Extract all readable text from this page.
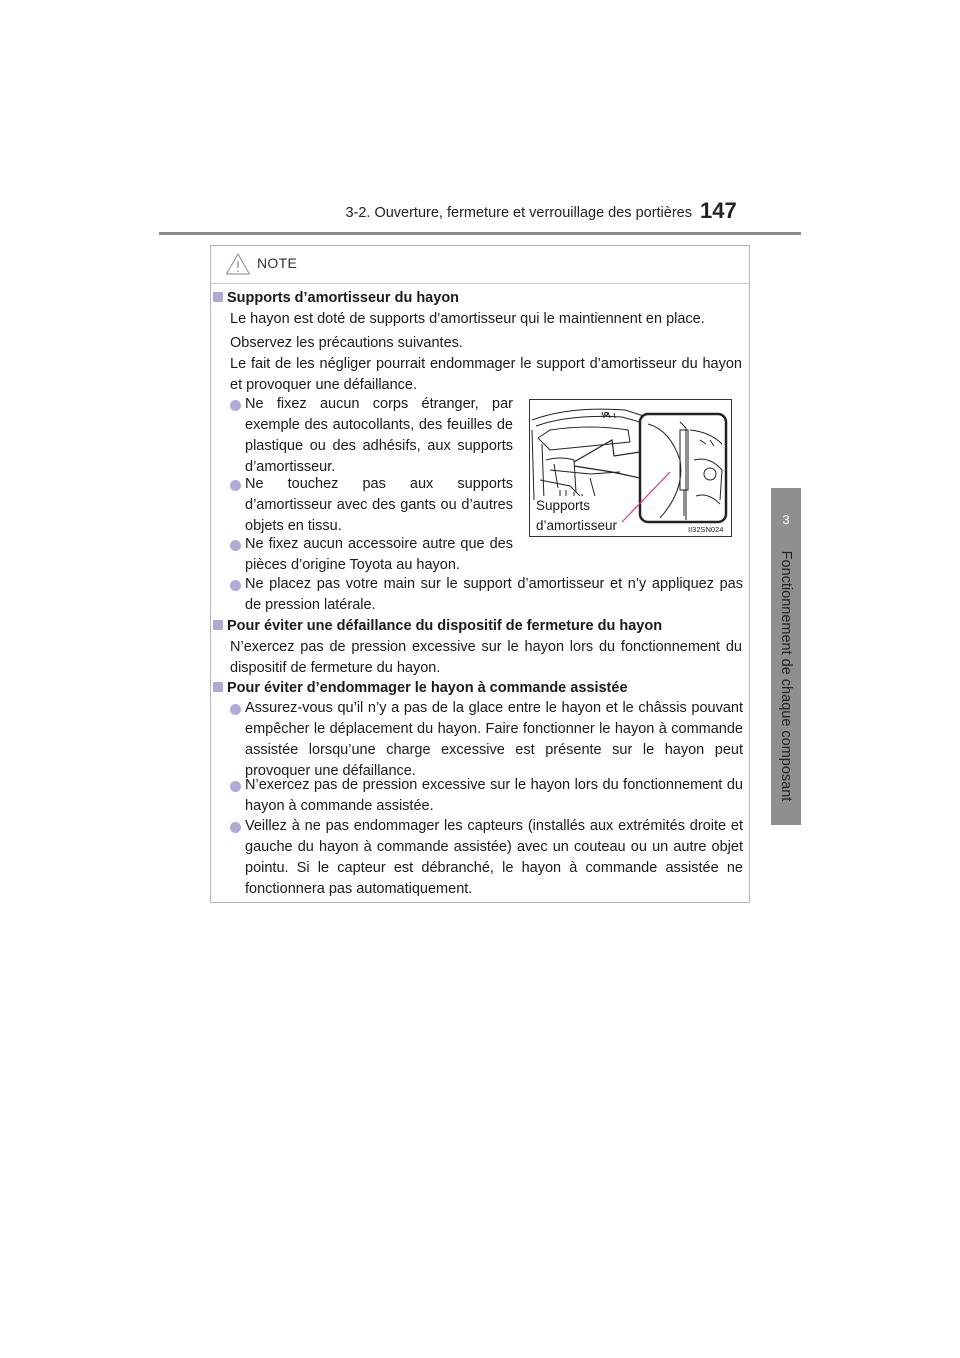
3-2. Ouverture, fermeture et verrouillage des portières 147
3
Fonctionnement de chaque composant
NOTE
Supports d’amortisseur du hayon
Le hayon est doté de supports d’amortisseur qui le maintiennent en place.
Observez les précautions suivantes.
Le fait de les négliger pourrait endommager le support d’amortisseur du hayon et provoquer une défaillance.
Ne fixez aucun corps étranger, par exemple des autocollants, des feuilles de plastique ou des adhésifs, aux supports d’amortisseur.
Ne touchez pas aux supports d’amortisseur avec des gants ou d’autres objets en tissu.
Ne fixez aucun accessoire autre que des pièces d’origine Toyota au hayon.
Supports
d’amortisseur	II32SN024
Ne placez pas votre main sur le support d’amortisseur et n’y appliquez pas de pression latérale.
Pour éviter une défaillance du dispositif de fermeture du hayon
N’exercez pas de pression excessive sur le hayon lors du fonctionnement du dispositif de fermeture du hayon.
Pour éviter d’endommager le hayon à commande assistée
Assurez-vous qu’il n’y a pas de la glace entre le hayon et le châssis pouvant empêcher le déplacement du hayon. Faire fonctionner le hayon à commande assistée lorsqu’une charge excessive est présente sur le hayon peut provoquer une défaillance.
N’exercez pas de pression excessive sur le hayon lors du fonctionnement du hayon à commande assistée.
Veillez à ne pas endommager les capteurs (installés aux extrémités droite et gauche du hayon à commande assistée) avec un couteau ou un autre objet pointu. Si le capteur est débranché, le hayon à commande assistée ne fonctionnera pas automatiquement.
